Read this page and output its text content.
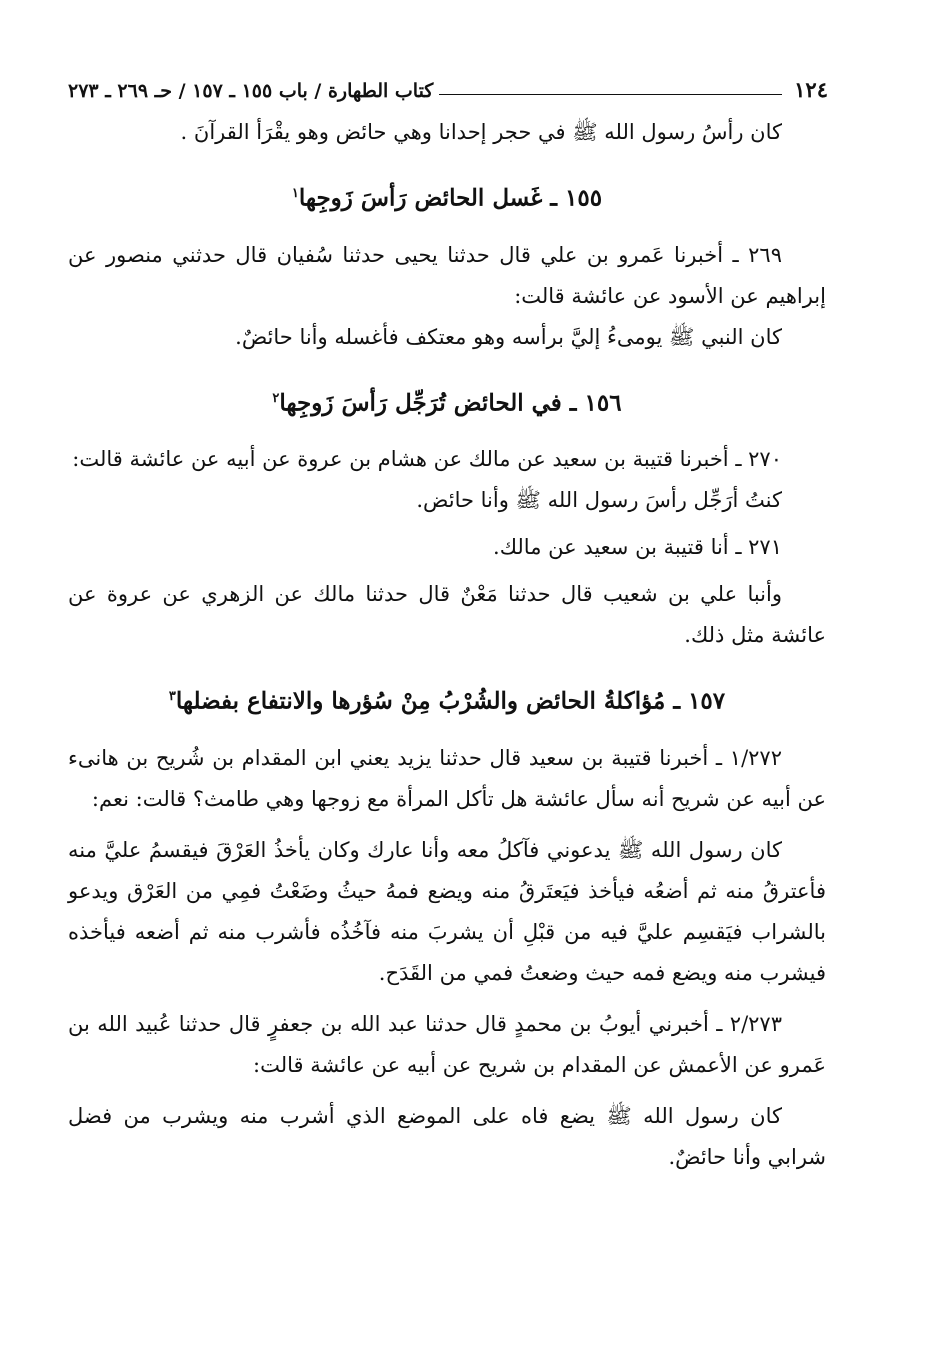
١٢٤
كتاب الطهارة / باب ١٥٥ ـ ١٥٧ / حـ ٢٦٩ ـ ٢٧٣

كان رأسُ رسول الله ﷺ في حجر إحدانا وهي حائض وهو يقْرَأ القرآنَ .

١٥٥ ـ غَسل الحائض رَأسَ زَوجِها$^١$

٢٦٩ ـ أخبرنا عَمرو بن علي قال حدثنا يحيى حدثنا سُفيان قال حدثني منصور عن إبراهيم عن الأسود عن عائشة قالت:

كان النبي ﷺ يومىءُ إليَّ برأسه وهو معتكف فأغسله وأنا حائضٌ.

١٥٦ ـ في الحائض تُرَجِّل رَأسَ زَوجِها$^٢$

٢٧٠ ـ أخبرنا قتيبة بن سعيد عن مالك عن هشام بن عروة عن أبيه عن عائشة قالت:

كنتُ أرَجِّل رأسَ رسول الله ﷺ وأنا حائض.

٢٧١ ـ أنا قتيبة بن سعيد عن مالك.

وأنبا علي بن شعيب قال حدثنا مَعْنٌ قال حدثنا مالك عن الزهري عن عروة عن عائشة مثل ذلك.

١٥٧ ـ مُؤاكلةُ الحائض والشُرْبُ مِنْ سُؤرها والانتفاع بفضلها$^٣$

١/٢٧٢ ـ أخبرنا قتيبة بن سعيد قال حدثنا يزيد يعني ابن المقدام بن شُريح بن هانىء عن أبيه عن شريح أنه سأل عائشة هل تأكل المرأة مع زوجها وهي طامث؟ قالت: نعم:

كان رسول الله ﷺ يدعوني فآكلُ معه وأنا عارك وكان يأخذُ العَرْقَ فيقسمُ عليَّ منه فأعترقُ منه ثم أضعُه فيأخذ فيَعتَرقُ منه ويضع فمهُ حيثُ وضَعْتُ فمِي من العَرْق ويدعو بالشراب فيَقسِم عليَّ فيه من قبْلِ أن يشربَ منه فآخُذُه فأشرب منه ثم أضعه فيأخذه فيشرب منه ويضع فمه حيث وضعتُ فمي من القَدَح.

٢/٢٧٣ ـ أخبرني أيوبُ بن محمدٍ قال حدثنا عبد الله بن جعفرٍ قال حدثنا عُبيد الله بن عَمرو عن الأعمش عن المقدام بن شريح عن أبيه عن عائشة قالت:

كان رسول الله ﷺ يضع فاه على الموضع الذي أشرب منه ويشرب من فضل شرابي وأنا حائضٌ.
